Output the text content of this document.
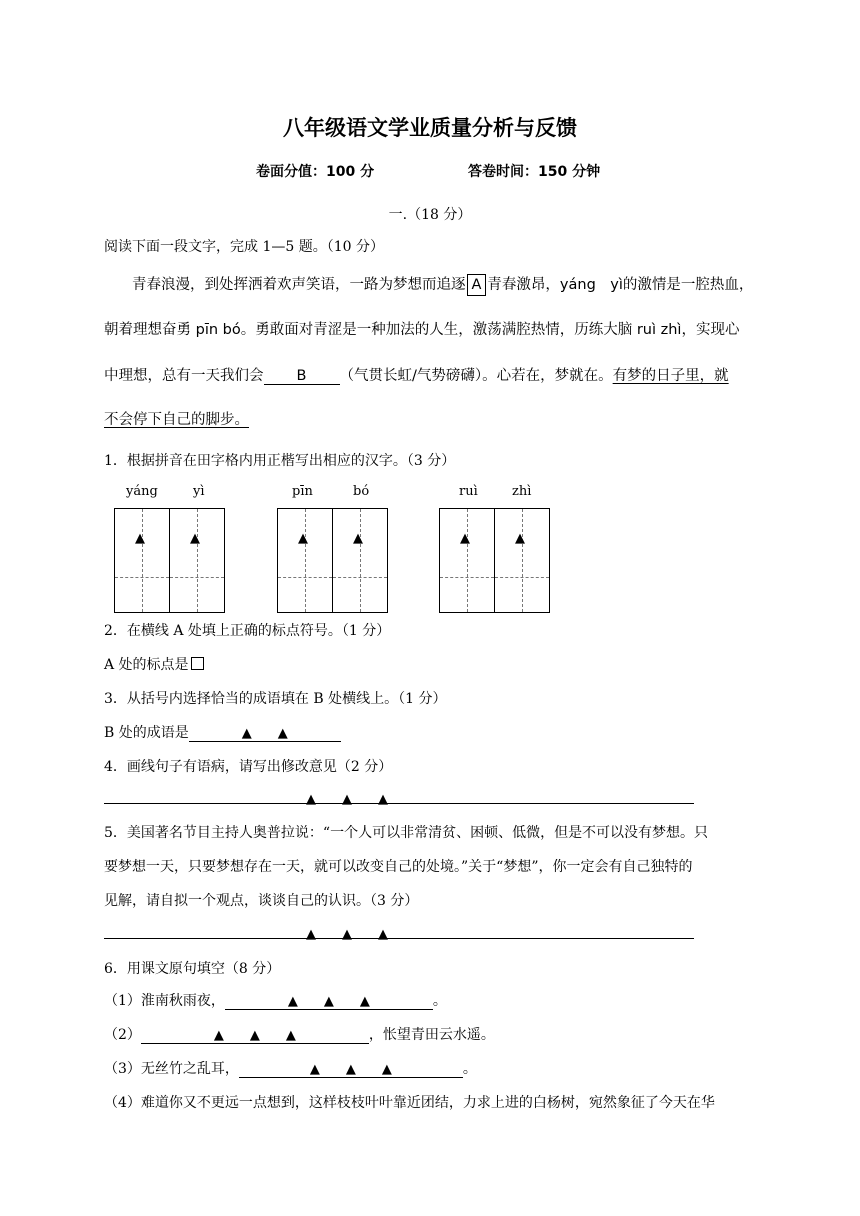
八年级语文学业质量分析与反馈
卷面分值：100 分	答卷时间：150 分钟
一.（18 分）
阅读下面一段文字，完成 1—5 题。（10 分）
青春浪漫，到处挥洒着欢声笑语，一路为梦想而追逐 A 青春激昂，yáng　yì的激情是一腔热血，
朝着理想奋勇 pīn bó。勇敢面对青涩是一种加法的人生，激荡满腔热情，历练大脑 ruì zhì，实现心
中理想，总有一天我们会 B （气贯长虹/气势磅礴）。心若在，梦就在。有梦的日子里，就
不会停下自己的脚步。
1．根据拼音在田字格内用正楷写出相应的汉字。（3 分）
yáng	yì	pīn	bó	ruì	zhì
▲	▲	▲	▲	▲	▲
2．在横线 A 处填上正确的标点符号。（1 分）
A 处的标点是
3．从括号内选择恰当的成语填在 B 处横线上。（1 分）
B 处的成语是	▲　　▲
4．画线句子有语病，请写出修改意见（2 分）
▲　　▲　　▲
5．美国著名节目主持人奥普拉说：“一个人可以非常清贫、困顿、低微，但是不可以没有梦想。只
要梦想一天，只要梦想存在一天，就可以改变自己的处境。”关于“梦想”，你一定会有自己独特的
见解，请自拟一个观点，谈谈自己的认识。（3 分）
▲　　▲　　▲
6．用课文原句填空（8 分）
（1）淮南秋雨夜，	▲　　▲　　▲	。
（2）	▲　　▲　　▲	，怅望青田云水遥。
（3）无丝竹之乱耳，	▲　　▲　　▲	。
（4）难道你又不更远一点想到，这样枝枝叶叶靠近团结，力求上进的白杨树，宛然象征了今天在华
